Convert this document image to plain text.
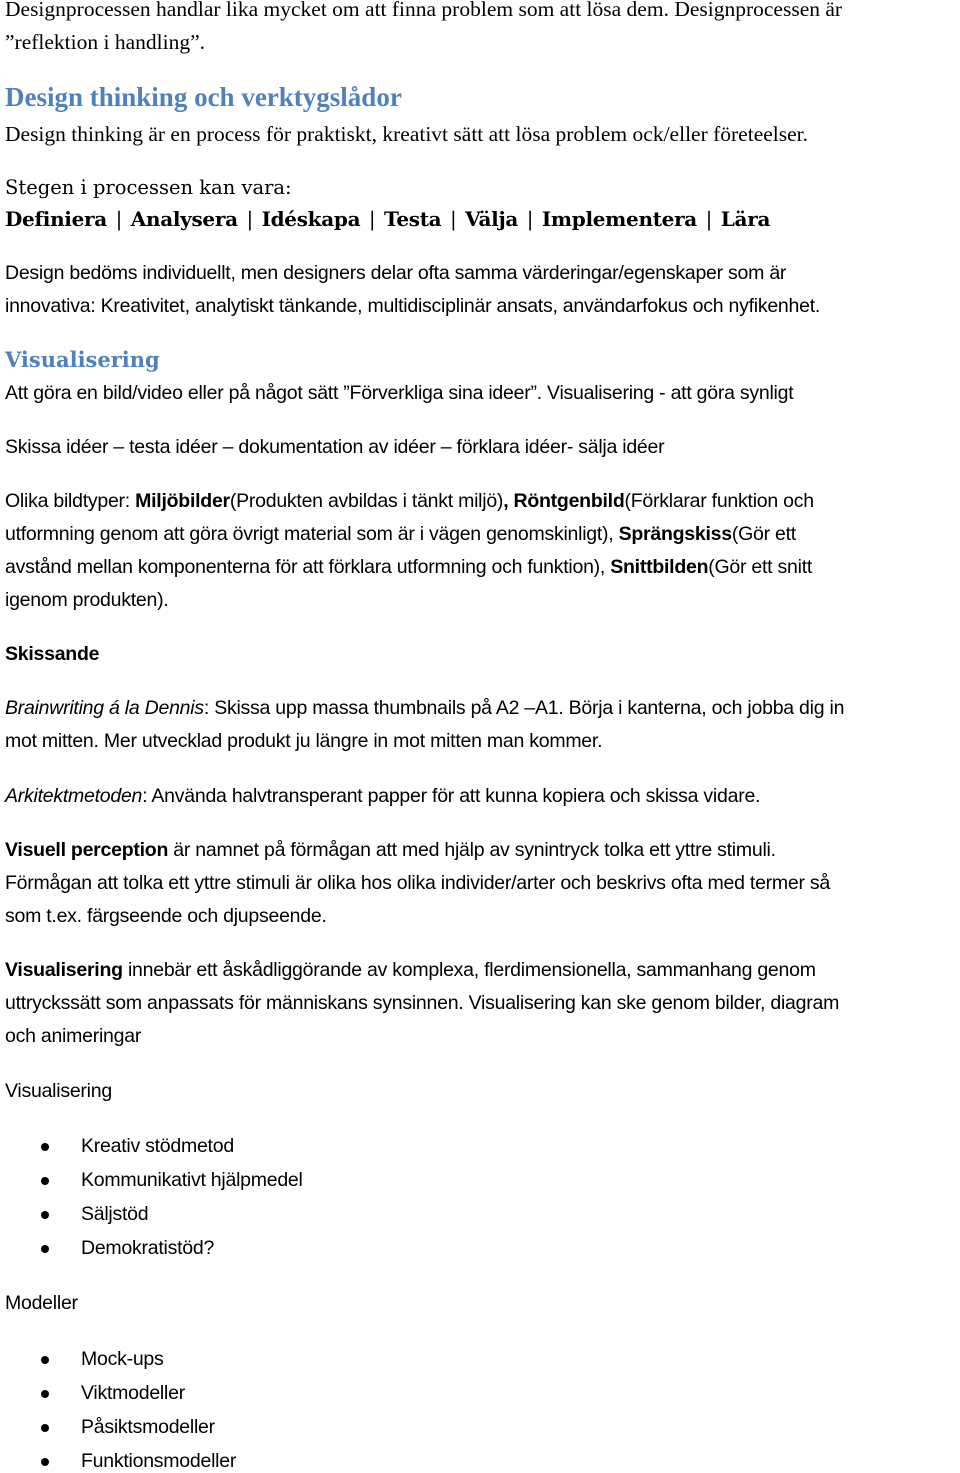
Designprocessen handlar lika mycket om att finna problem som att lösa dem. Designprocessen är
”reflektion i handling”.
Design thinking och verktygslådor
Design thinking är en process för praktiskt, kreativt sätt att lösa problem ock/eller företeelser.
Stegen i processen kan vara:
Definiera | Analysera | Idéskapa | Testa | Välja | Implementera | Lära
Design bedöms individuellt, men designers delar ofta samma värderingar/egenskaper som är
innovativa: Kreativitet, analytiskt tänkande, multidisciplinär ansats, användarfokus och nyfikenhet.
Visualisering
Att göra en bild/video eller på något sätt ”Förverkliga sina ideer”. Visualisering - att göra synligt
Skissa idéer – testa idéer – dokumentation av idéer – förklara idéer- sälja idéer
Olika bildtyper: Miljöbilder(Produkten avbildas i tänkt miljö), Röntgenbild(Förklarar funktion och
utformning genom att göra övrigt material som är i vägen genomskinligt), Sprängskiss(Gör ett
avstånd mellan komponenterna för att förklara utformning och funktion), Snittbilden(Gör ett snitt
igenom produkten).
Skissande
Brainwriting á la Dennis: Skissa upp massa thumbnails på A2 –A1. Börja i kanterna, och jobba dig in
mot mitten. Mer utvecklad produkt ju längre in mot mitten man kommer.
Arkitektmetoden: Använda halvtransperant papper för att kunna kopiera och skissa vidare.
Visuell perception är namnet på förmågan att med hjälp av synintryck tolka ett yttre stimuli.
Förmågan att tolka ett yttre stimuli är olika hos olika individer/arter och beskrivs ofta med termer så
som t.ex. färgseende och djupseende.
Visualisering innebär ett åskådliggörande av komplexa, flerdimensionella, sammanhang genom
uttryckssätt som anpassats för människans synsinnen. Visualisering kan ske genom bilder, diagram
och animeringar
Visualisering
Kreativ stödmetod
Kommunikativt hjälpmedel
Säljstöd
Demokratistöd?
Modeller
Mock-ups
Viktmodeller
Påsiktsmodeller
Funktionsmodeller
